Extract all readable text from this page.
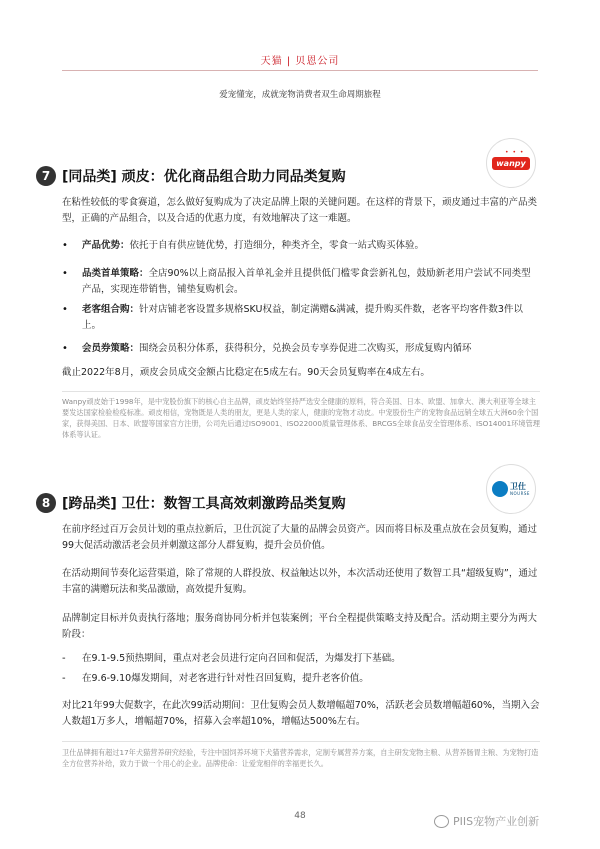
天猫 | 贝恩公司
爱宠懂宠，成就宠物消费者双生命周期旅程
• • •
wanpy
7 [同品类] 顽皮：优化商品组合助力同品类复购

在粘性较低的零食赛道，怎么做好复购成为了决定品牌上限的关键问题。在这样的背景下，顽皮通过丰富的产品类型，正确的产品组合，以及合适的优惠力度，有效地解决了这一难题。

• 产品优势：依托于自有供应链优势，打造细分，种类齐全，零食一站式购买体验。
• 品类首单策略：全店90%以上商品报入首单礼金并且提供低门槛零食尝新礼包，鼓励新老用户尝试不同类型产品，实现连带销售，铺垫复购机会。
• 老客组合购：针对店铺老客设置多规格SKU权益，制定满赠&满减，提升购买件数，老客平均客件数3件以上。
• 会员券策略：围绕会员积分体系，获得积分，兑换会员专享券促进二次购买，形成复购内循环

截止2022年8月，顽皮会员成交金额占比稳定在5成左右。90天会员复购率在4成左右。

Wanpy顽皮始于1998年，是中宠股份旗下的核心自主品牌，顽皮始终坚持严选安全健康的原料，符合美国、日本、欧盟、加拿大、澳大利亚等全球主要发达国家检验检疫标准。顽皮相信，宠物既是人类的朋友，更是人类的家人，健康的宠物才动皮。中宠股份生产的宠物食品远销全球五大洲60余个国家，获得美国、日本、欧盟等国家官方注册，公司先后通过ISO9001、ISO22000质量管理体系、BRCGS全球食品安全管理体系、ISO14001环境管理体系等认证。
卫仕
NOURSE
8 [跨品类] 卫仕：数智工具高效刺激跨品类复购

在前序经过百万会员计划的重点拉新后，卫仕沉淀了大量的品牌会员资产。因而将目标及重点放在会员复购，通过99大促活动激活老会员并刺激这部分人群复购，提升会员价值。

在活动期间节奏化运营渠道，除了常规的人群投放、权益触达以外，本次活动还使用了数智工具“超级复购”，通过丰富的满赠玩法和奖品激励，高效提升复购。

品牌制定目标并负责执行落地；服务商协同分析并包装案例；平台全程提供策略支持及配合。活动期主要分为两大阶段：

- 在9.1-9.5预热期间，重点对老会员进行定向召回和促活，为爆发打下基础。
- 在9.6-9.10爆发期间，对老客进行针对性召回复购，提升老客价值。

对比21年99大促数字，在此次99活动期间：卫仕复购会员人数增幅超70%，活跃老会员数增幅超60%，当期入会人数超1万多人，增幅超70%，招募入会率超10%，增幅达500%左右。

卫仕品牌拥有超过17年犬猫营养研究经验，专注中国饲养环境下犬猫营养需求，定制专属营养方案，自主研发宠物主粮、从营养肠胃主粮、为宠物打造全方位营养补给，致力于做一个用心的企业。品牌使命：让爱宠相伴的幸福更长久。
48	PIIS宠物产业创新
